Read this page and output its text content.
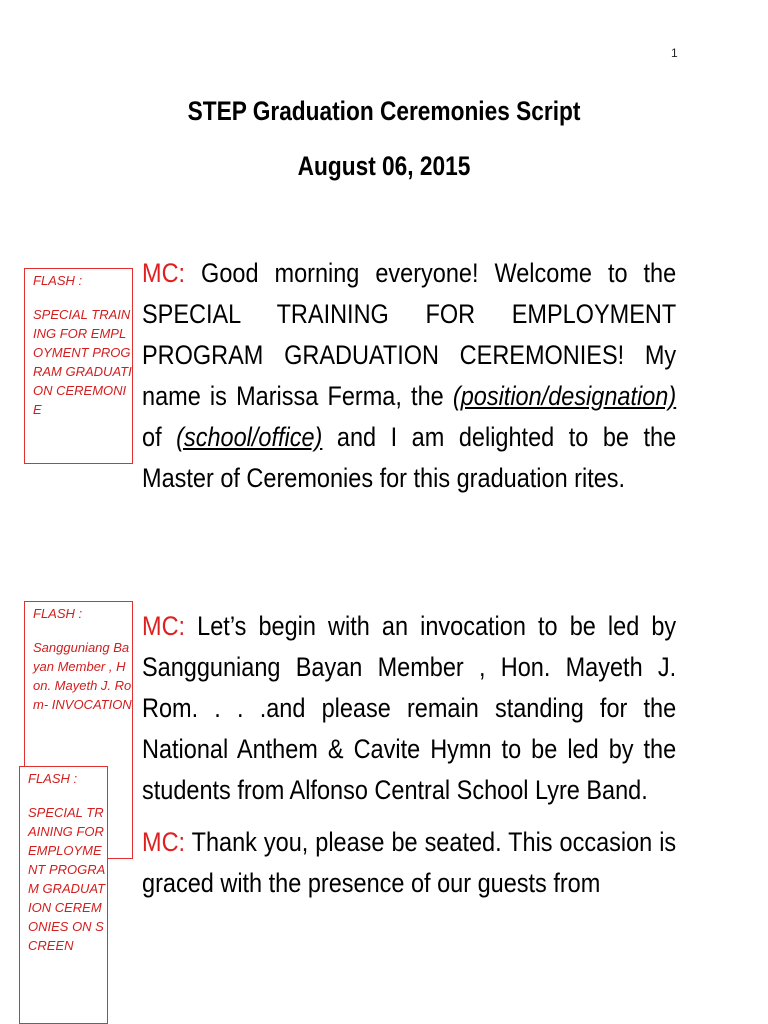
1
STEP Graduation Ceremonies Script
August 06, 2015
MC: Good morning everyone! Welcome to the SPECIAL TRAINING FOR EMPLOYMENT PROGRAM GRADUATION CEREMONIES! My name is Marissa Ferma, the (position/designation) of (school/office) and I am delighted to be the Master of Ceremonies for this graduation rites.
FLASH :
SPECIAL TRAINING FOR EMPLOYMENT PROGRAM GRADUATION CEREMONIE
MC: Let’s begin with an invocation to be led by Sangguniang Bayan Member , Hon. Mayeth J. Rom. . . .and please remain standing for the National Anthem & Cavite Hymn to be led by the students from Alfonso Central School Lyre Band.
FLASH :
Sangguniang Bayan Member , Hon. Mayeth J. Rom- INVOCATION
MC: Thank you, please be seated. This occasion is graced with the presence of our guests from
FLASH :
SPECIAL TRAINING FOR EMPLOYMENT PROGRAM GRADUATION CEREMONIES ON SCREEN
